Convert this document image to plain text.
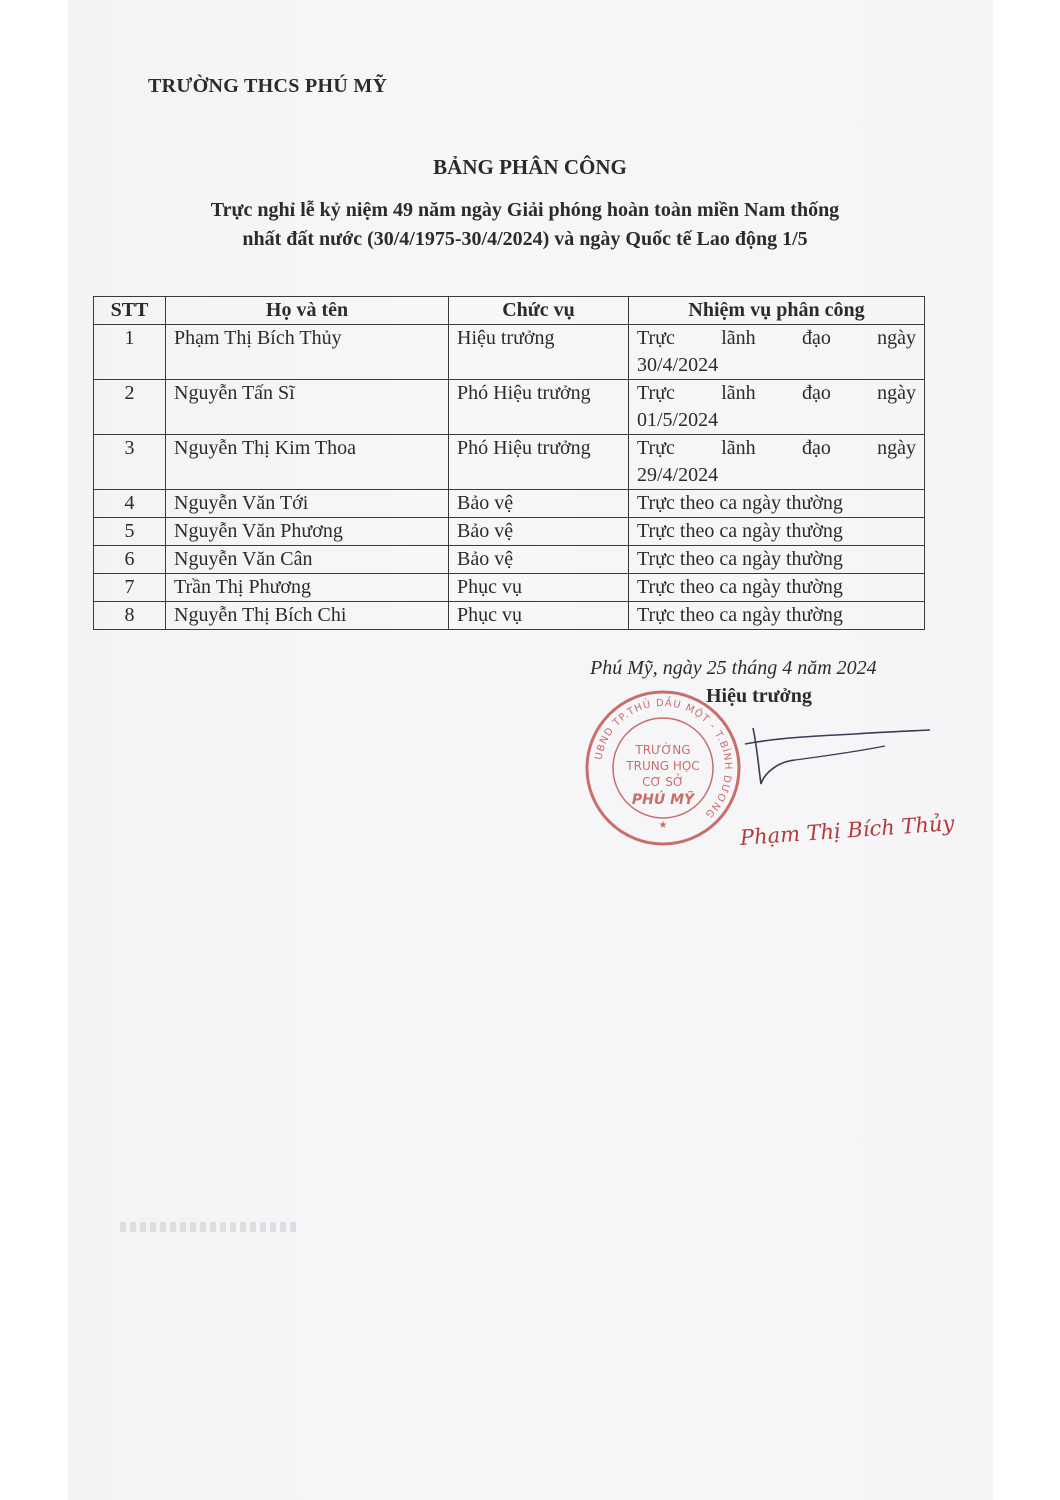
TRƯỜNG THCS PHÚ MỸ
BẢNG PHÂN CÔNG
Trực nghỉ lễ kỷ niệm 49 năm ngày Giải phóng hoàn toàn miền Nam thống
nhất đất nước (30/4/1975-30/4/2024) và ngày Quốc tế Lao động 1/5
STT	Họ và tên	Chức vụ	Nhiệm vụ phân công
1	Phạm Thị Bích Thủy	Hiệu trưởng	Trực lãnh đạo ngày
30/4/2024
2	Nguyễn Tấn Sĩ	Phó Hiệu trưởng	Trực lãnh đạo ngày
01/5/2024
3	Nguyễn Thị Kim Thoa	Phó Hiệu trưởng	Trực lãnh đạo ngày
29/4/2024
4	Nguyễn Văn Tới	Bảo vệ	Trực theo ca ngày thường
5	Nguyễn Văn Phương	Bảo vệ	Trực theo ca ngày thường
6	Nguyễn Văn Cân	Bảo vệ	Trực theo ca ngày thường
7	Trần Thị Phương	Phục vụ	Trực theo ca ngày thường
8	Nguyễn Thị Bích Chi	Phục vụ	Trực theo ca ngày thường
Phú Mỹ, ngày 25 tháng 4 năm 2024
UBND TP.THỦ DẦU MỘT - T.BÌNH DƯƠNG
TRƯỜNG
TRUNG HỌC
CƠ SỞ
PHÚ MỸ
★
Hiệu trưởng
Phạm Thị Bích Thủy
